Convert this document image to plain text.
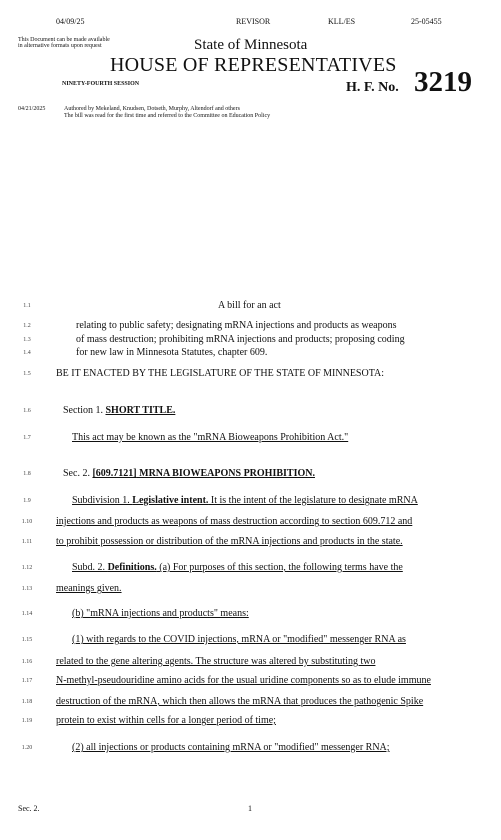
04/09/25	REVISOR	KLL/ES	25-05455
This Document can be made available
in alternative formats upon request	State of Minnesota
HOUSE OF REPRESENTATIVES
NINETY-FOURTH SESSION	H. F. No. 3219
04/21/2025	Authored by Mekeland, Knudsen, Dotseth, Murphy, Altendorf and others
The bill was read for the first time and referred to the Committee on Education Policy
1.1	A bill for an act
1.2	relating to public safety; designating mRNA injections and products as weapons
1.3	of mass destruction; prohibiting mRNA injections and products; proposing coding
1.4	for new law in Minnesota Statutes, chapter 609.
1.5	BE IT ENACTED BY THE LEGISLATURE OF THE STATE OF MINNESOTA:
1.6	Section 1. SHORT TITLE.
1.7	This act may be known as the "mRNA Bioweapons Prohibition Act."
1.8	Sec. 2. [609.7121] MRNA BIOWEAPONS PROHIBITION.
1.9	Subdivision 1. Legislative intent. It is the intent of the legislature to designate mRNA
1.10	injections and products as weapons of mass destruction according to section 609.712 and
1.11	to prohibit possession or distribution of the mRNA injections and products in the state.
1.12	Subd. 2. Definitions. (a) For purposes of this section, the following terms have the
1.13	meanings given.
1.14	(b) "mRNA injections and products" means:
1.15	(1) with regards to the COVID injections, mRNA or "modified" messenger RNA as
1.16	related to the gene altering agents. The structure was altered by substituting two
1.17	N-methyl-pseudouridine amino acids for the usual uridine components so as to elude immune
1.18	destruction of the mRNA, which then allows the mRNA that produces the pathogenic Spike
1.19	protein to exist within cells for a longer period of time;
1.20	(2) all injections or products containing mRNA or "modified" messenger RNA;
Sec. 2.	1
